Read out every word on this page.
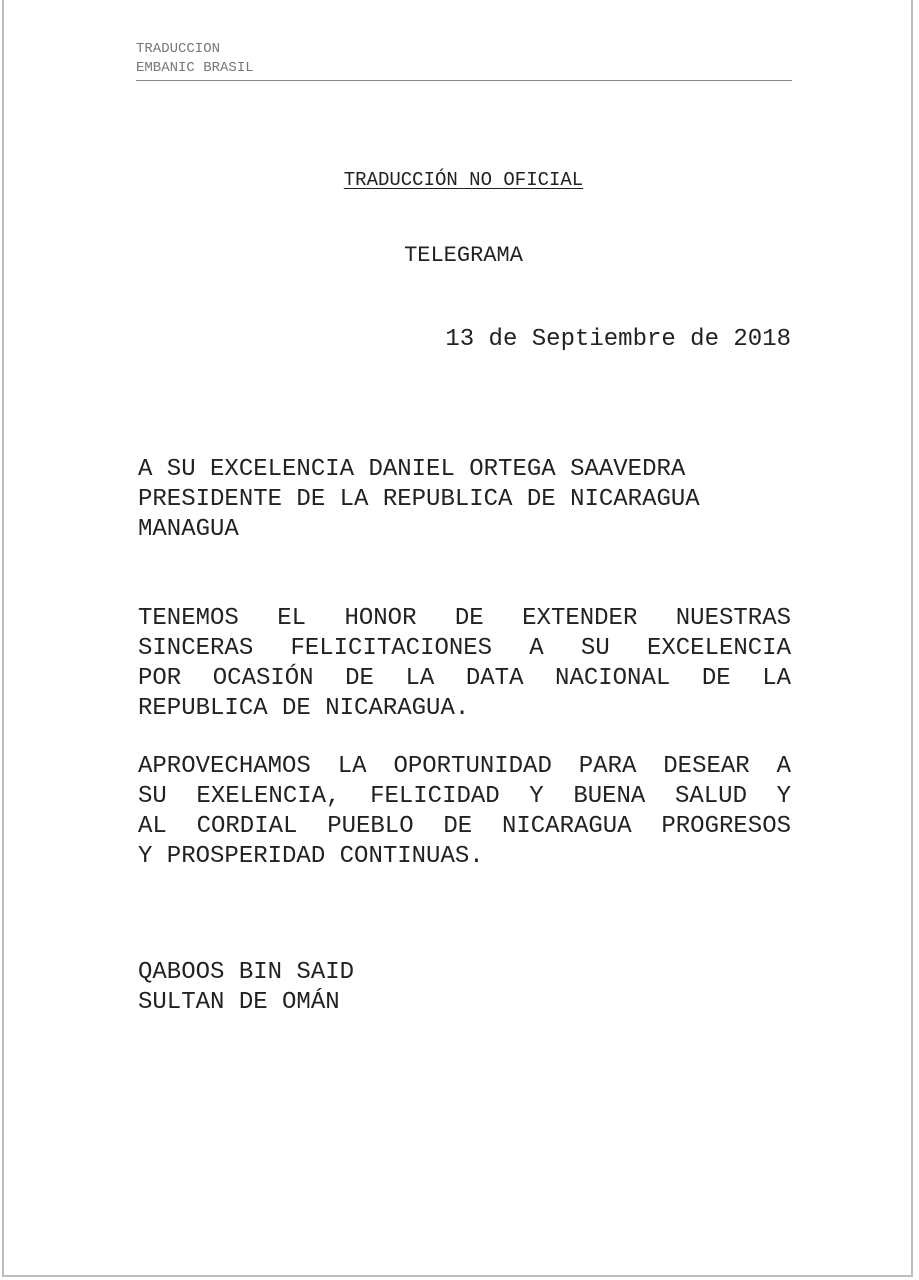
TRADUCCION
EMBANIC BRASIL
TRADUCCIÓN NO OFICIAL
TELEGRAMA
13 de Septiembre de 2018
A SU EXCELENCIA DANIEL ORTEGA SAAVEDRA
PRESIDENTE DE LA REPUBLICA DE NICARAGUA
MANAGUA
TENEMOS EL HONOR DE EXTENDER NUESTRAS
SINCERAS FELICITACIONES A SU EXCELENCIA
POR OCASIÓN DE LA DATA NACIONAL DE LA
REPUBLICA DE NICARAGUA.
APROVECHAMOS LA OPORTUNIDAD PARA DESEAR A
SU EXELENCIA, FELICIDAD Y BUENA SALUD Y
AL CORDIAL PUEBLO DE NICARAGUA PROGRESOS
Y PROSPERIDAD CONTINUAS.
QABOOS BIN SAID
SULTAN DE OMÁN
